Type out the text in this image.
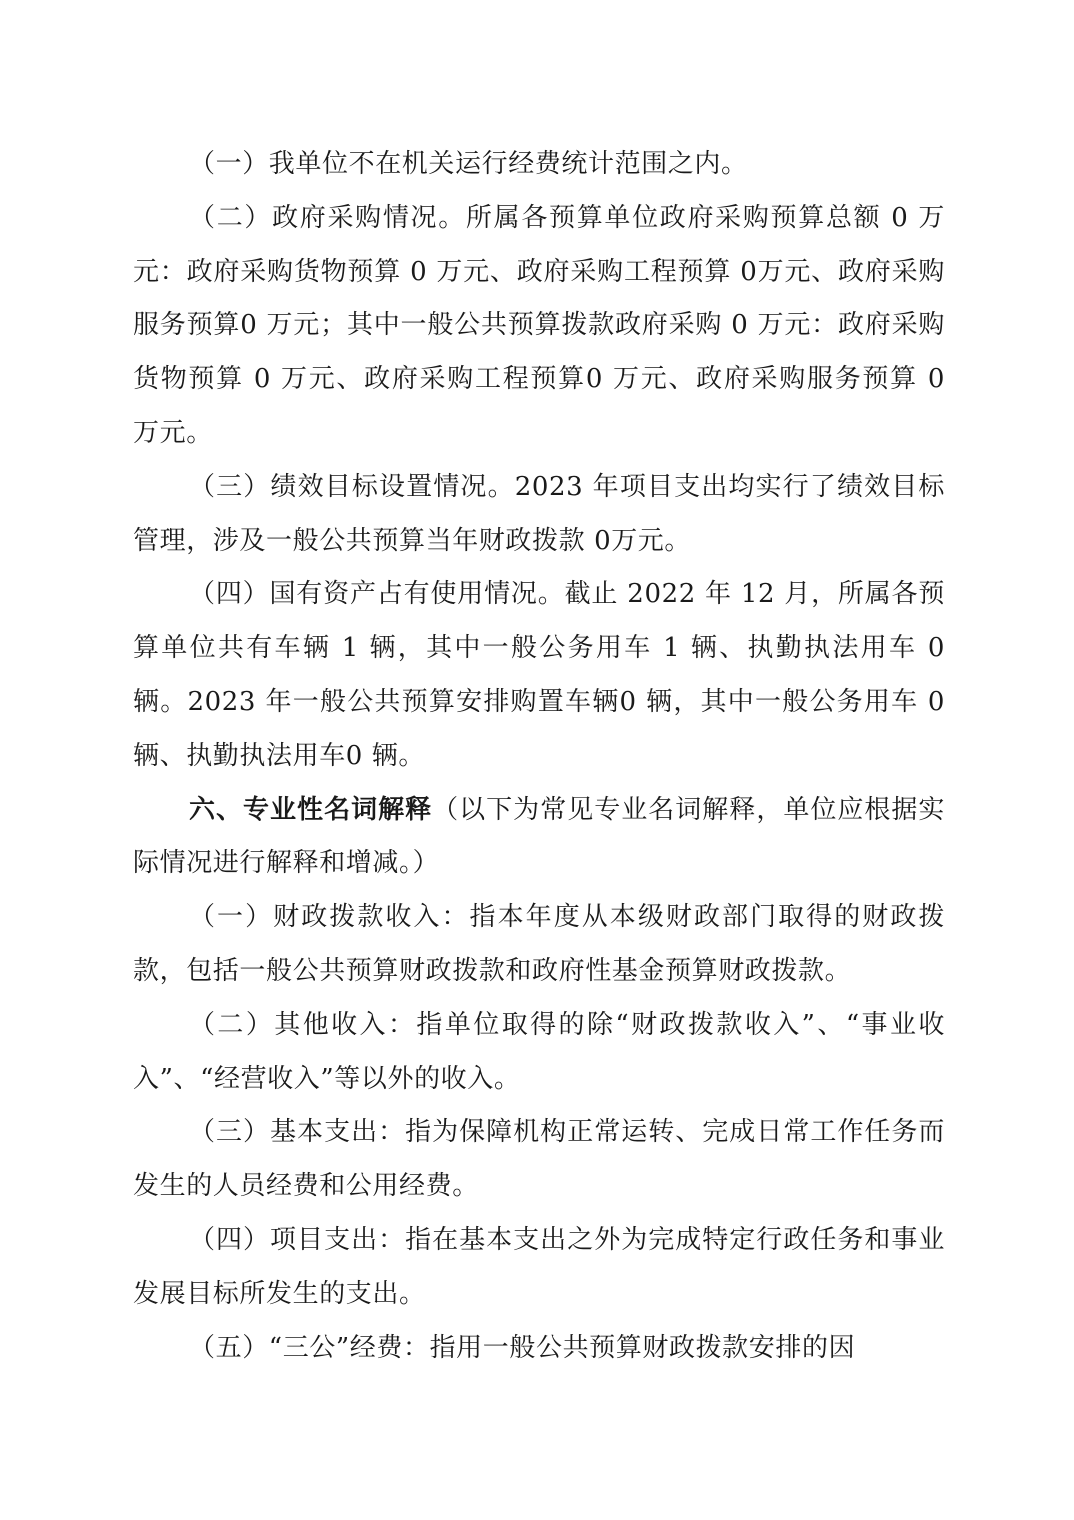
（一）我单位不在机关运行经费统计范围之内。

（二）政府采购情况。所属各预算单位政府采购预算总额 0 万元：政府采购货物预算 0 万元、政府采购工程预算 0万元、政府采购服务预算0 万元；其中一般公共预算拨款政府采购 0 万元：政府采购货物预算 0 万元、政府采购工程预算0 万元、政府采购服务预算 0 万元。

（三）绩效目标设置情况。2023 年项目支出均实行了绩效目标管理，涉及一般公共预算当年财政拨款 0万元。

（四）国有资产占有使用情况。截止 2022 年 12 月，所属各预算单位共有车辆 1 辆，其中一般公务用车 1 辆、执勤执法用车 0辆。2023 年一般公共预算安排购置车辆0 辆，其中一般公务用车 0辆、执勤执法用车0 辆。

六、专业性名词解释（以下为常见专业名词解释，单位应根据实际情况进行解释和增减。）

（一）财政拨款收入：指本年度从本级财政部门取得的财政拨款，包括一般公共预算财政拨款和政府性基金预算财政拨款。

（二）其他收入：指单位取得的除“财政拨款收入”、“事业收入”、“经营收入”等以外的收入。

（三）基本支出：指为保障机构正常运转、完成日常工作任务而发生的人员经费和公用经费。

（四）项目支出：指在基本支出之外为完成特定行政任务和事业发展目标所发生的支出。

（五）“三公”经费：指用一般公共预算财政拨款安排的因
